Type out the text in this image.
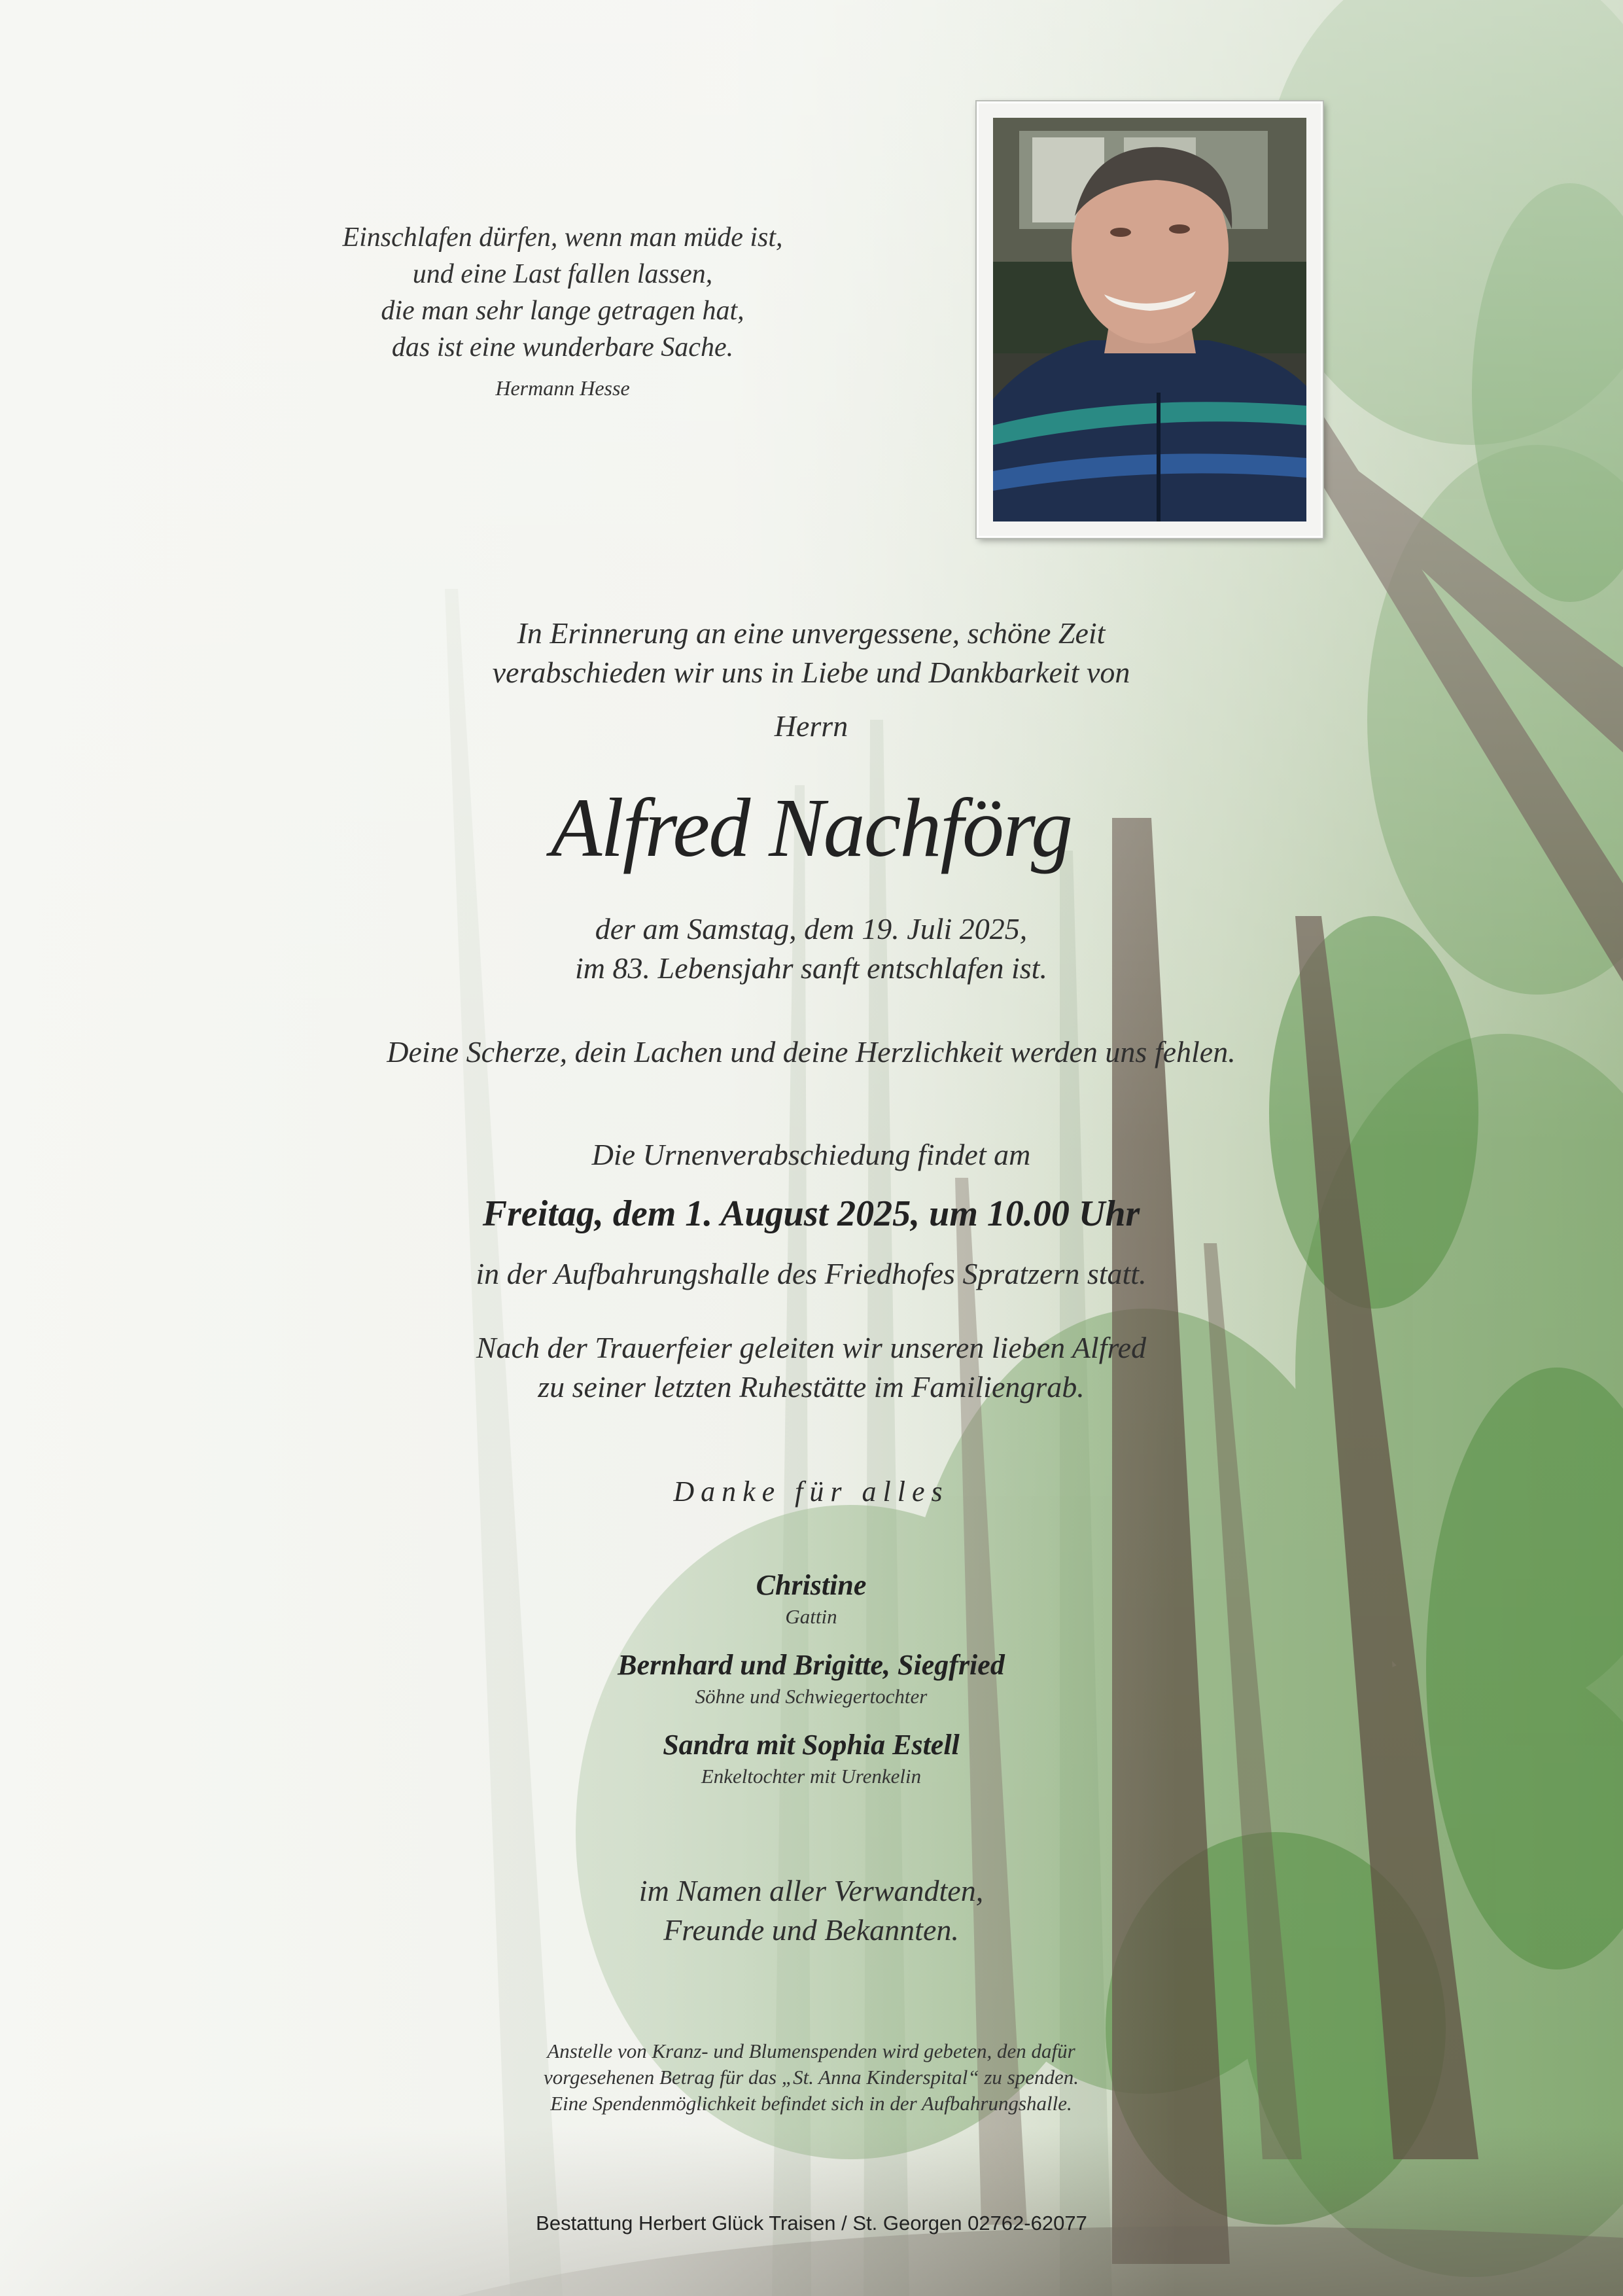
Einschlafen dürfen, wenn man müde ist,
und eine Last fallen lassen,
die man sehr lange getragen hat,
das ist eine wunderbare Sache.
Hermann Hesse
In Erinnerung an eine unvergessene, schöne Zeit
verabschieden wir uns in Liebe und Dankbarkeit von
Herrn
Alfred Nachförg
der am Samstag, dem 19. Juli 2025,
im 83. Lebensjahr sanft entschlafen ist.
Deine Scherze, dein Lachen und deine Herzlichkeit werden uns fehlen.
Die Urnenverabschiedung findet am
Freitag, dem 1. August 2025, um 10.00 Uhr
in der Aufbahrungshalle des Friedhofes Spratzern statt.
Nach der Trauerfeier geleiten wir unseren lieben Alfred
zu seiner letzten Ruhestätte im Familiengrab.
Danke für alles
Christine
Gattin
Bernhard und Brigitte, Siegfried
Söhne und Schwiegertochter
Sandra mit Sophia Estell
Enkeltochter mit Urenkelin
im Namen aller Verwandten,
Freunde und Bekannten.
Anstelle von Kranz- und Blumenspenden wird gebeten, den dafür
vorgesehenen Betrag für das „St. Anna Kinderspital“ zu spenden.
Eine Spendenmöglichkeit befindet sich in der Aufbahrungshalle.
Bestattung Herbert Glück Traisen / St. Georgen 02762-62077
